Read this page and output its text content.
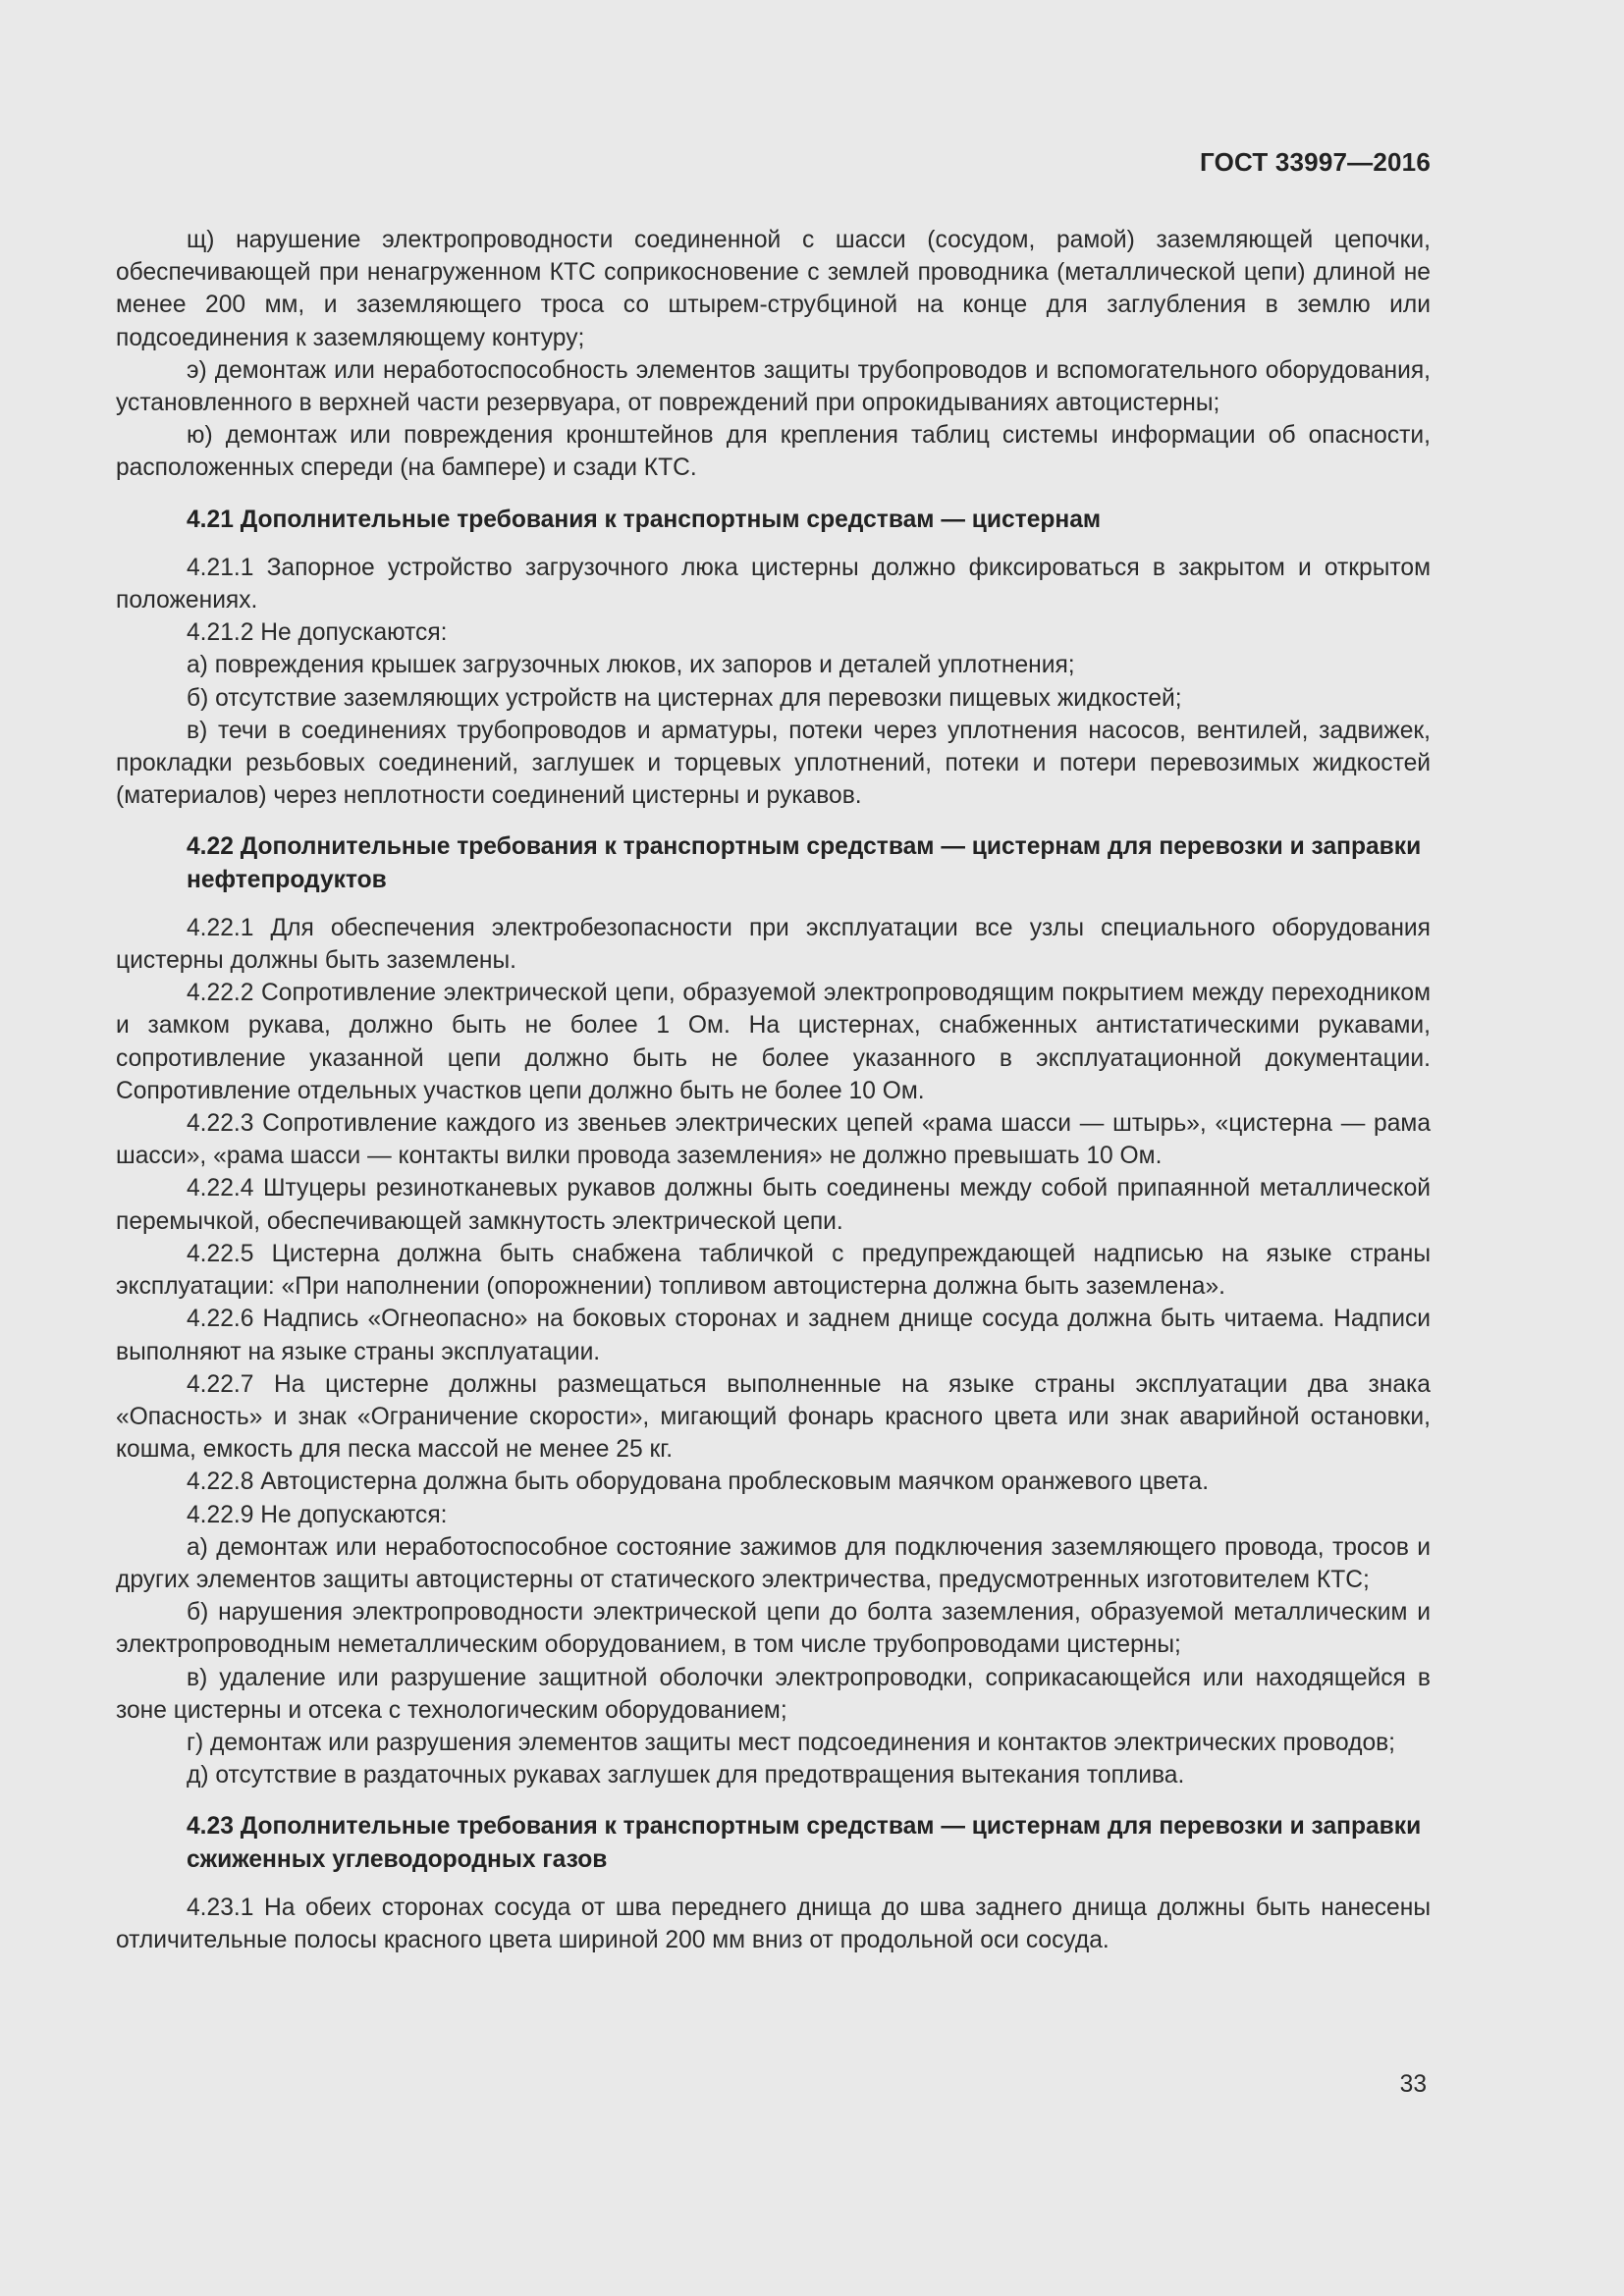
ГОСТ 33997—2016

щ) нарушение электропроводности соединенной с шасси (сосудом, рамой) заземляющей цепочки, обеспечивающей при ненагруженном КТС соприкосновение с землей проводника (металлической цепи) длиной не менее 200 мм, и заземляющего троса со штырем-струбциной на конце для заглубления в землю или подсоединения к заземляющему контуру;

э) демонтаж или неработоспособность элементов защиты трубопроводов и вспомогательного оборудования, установленного в верхней части резервуара, от повреждений при опрокидываниях автоцистерны;

ю) демонтаж или повреждения кронштейнов для крепления таблиц системы информации об опасности, расположенных спереди (на бампере) и сзади КТС.

4.21 Дополнительные требования к транспортным средствам — цистернам

4.21.1 Запорное устройство загрузочного люка цистерны должно фиксироваться в закрытом и открытом положениях.

4.21.2 Не допускаются:

а) повреждения крышек загрузочных люков, их запоров и деталей уплотнения;

б) отсутствие заземляющих устройств на цистернах для перевозки пищевых жидкостей;

в) течи в соединениях трубопроводов и арматуры, потеки через уплотнения насосов, вентилей, задвижек, прокладки резьбовых соединений, заглушек и торцевых уплотнений, потеки и потери перевозимых жидкостей (материалов) через неплотности соединений цистерны и рукавов.

4.22 Дополнительные требования к транспортным средствам — цистернам для перевозки и заправки нефтепродуктов

4.22.1 Для обеспечения электробезопасности при эксплуатации все узлы специального оборудования цистерны должны быть заземлены.

4.22.2 Сопротивление электрической цепи, образуемой электропроводящим покрытием между переходником и замком рукава, должно быть не более 1 Ом. На цистернах, снабженных антистатическими рукавами, сопротивление указанной цепи должно быть не более указанного в эксплуатационной документации. Сопротивление отдельных участков цепи должно быть не более 10 Ом.

4.22.3 Сопротивление каждого из звеньев электрических цепей «рама шасси — штырь», «цистерна — рама шасси», «рама шасси — контакты вилки провода заземления» не должно превышать 10 Ом.

4.22.4 Штуцеры резинотканевых рукавов должны быть соединены между собой припаянной металлической перемычкой, обеспечивающей замкнутость электрической цепи.

4.22.5 Цистерна должна быть снабжена табличкой с предупреждающей надписью на языке страны эксплуатации: «При наполнении (опорожнении) топливом автоцистерна должна быть заземлена».

4.22.6 Надпись «Огнеопасно» на боковых сторонах и заднем днище сосуда должна быть читаема. Надписи выполняют на языке страны эксплуатации.

4.22.7 На цистерне должны размещаться выполненные на языке страны эксплуатации два знака «Опасность» и знак «Ограничение скорости», мигающий фонарь красного цвета или знак аварийной остановки, кошма, емкость для песка массой не менее 25 кг.

4.22.8 Автоцистерна должна быть оборудована проблесковым маячком оранжевого цвета.

4.22.9 Не допускаются:

а) демонтаж или неработоспособное состояние зажимов для подключения заземляющего провода, тросов и других элементов защиты автоцистерны от статического электричества, предусмотренных изготовителем КТС;

б) нарушения электропроводности электрической цепи до болта заземления, образуемой металлическим и электропроводным неметаллическим оборудованием, в том числе трубопроводами цистерны;

в) удаление или разрушение защитной оболочки электропроводки, соприкасающейся или находящейся в зоне цистерны и отсека с технологическим оборудованием;

г) демонтаж или разрушения элементов защиты мест подсоединения и контактов электрических проводов;

д) отсутствие в раздаточных рукавах заглушек для предотвращения вытекания топлива.

4.23 Дополнительные требования к транспортным средствам — цистернам для перевозки и заправки сжиженных углеводородных газов

4.23.1 На обеих сторонах сосуда от шва переднего днища до шва заднего днища должны быть нанесены отличительные полосы красного цвета шириной 200 мм вниз от продольной оси сосуда.

33
